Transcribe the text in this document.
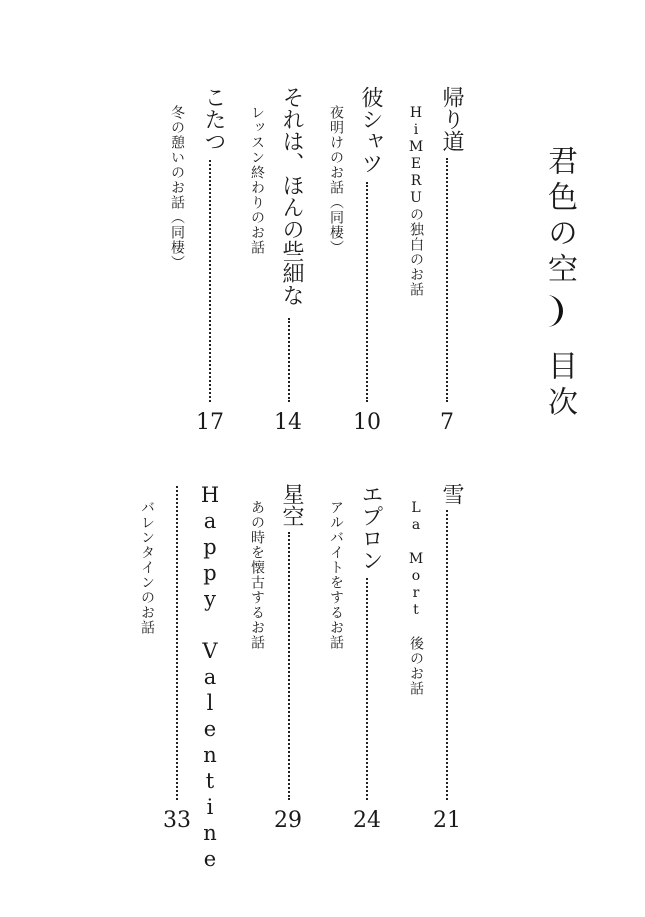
君色の空
目次
帰り道
HiMERUの独白のお話
7
彼シャツ
夜明けのお話（同棲）
10
それは、ほんの些細な
レッスン終わりのお話
14
こたつ
冬の憩いのお話（同棲）
17
雪
La Mort 後のお話
21
エプロン
アルバイトをするお話
24
星空
あの時を懐古するお話
29
Happy Valentine
バレンタインのお話
33
